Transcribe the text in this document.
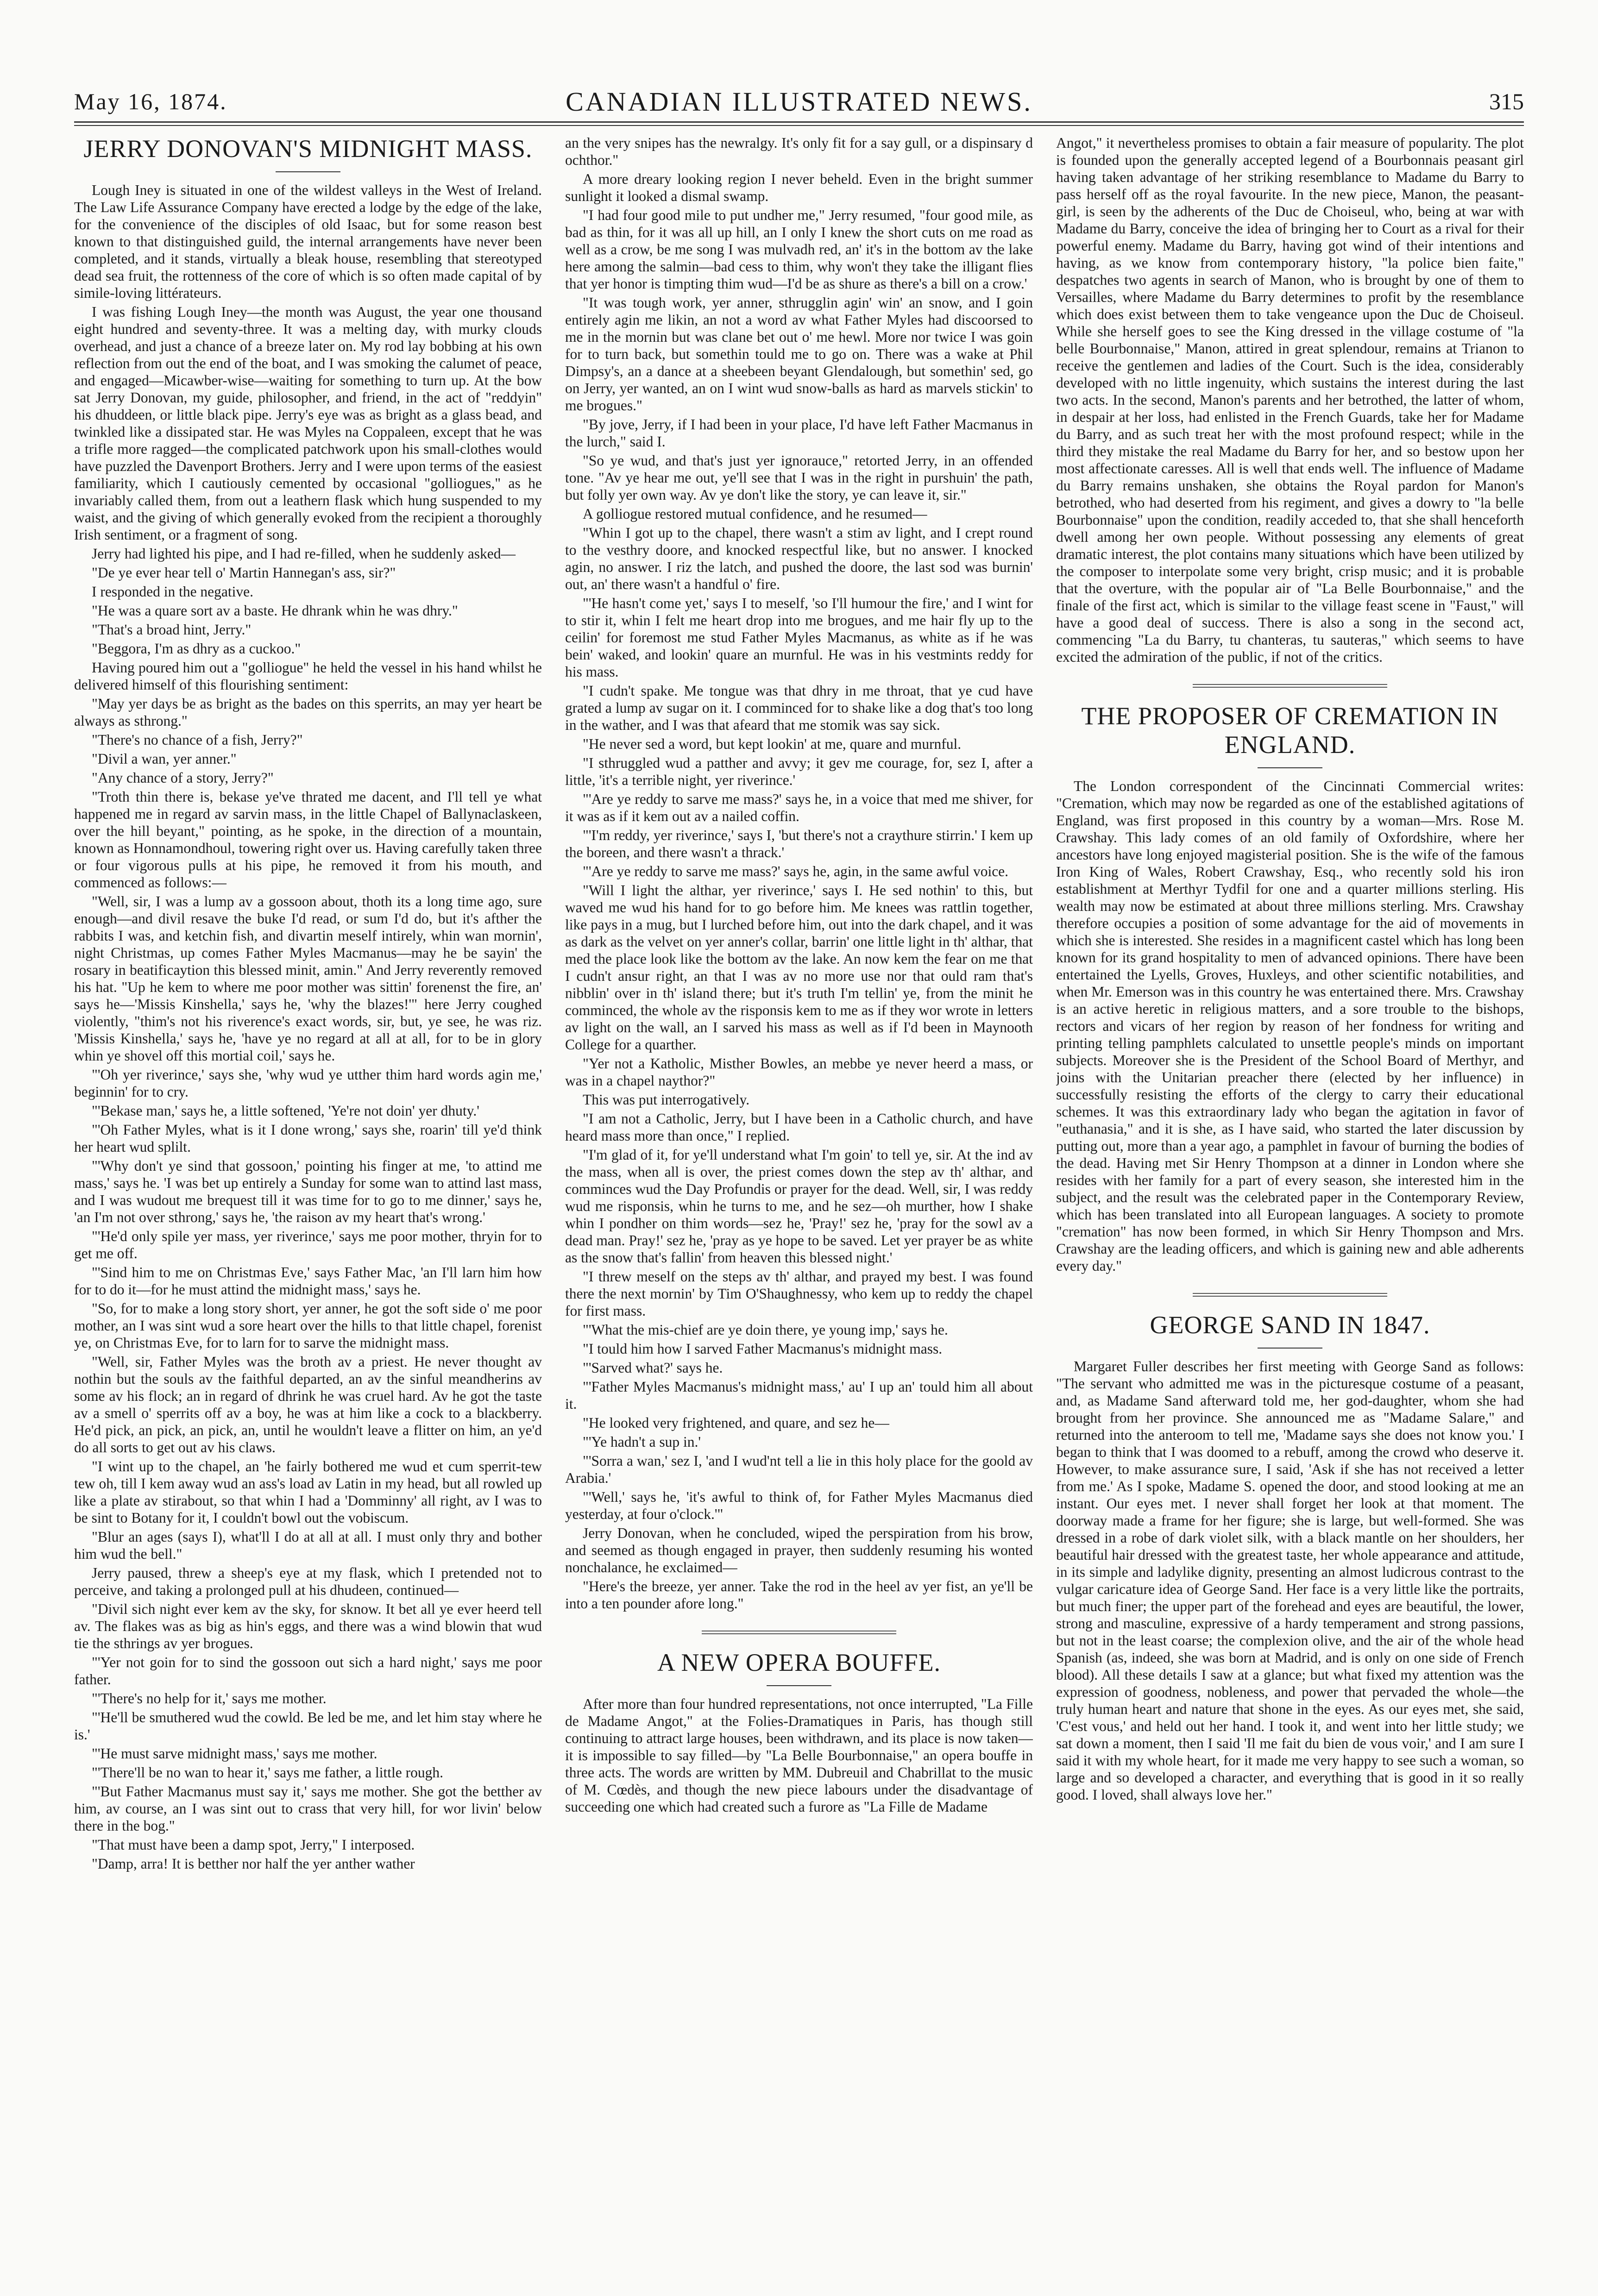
May 16, 1874.	CANADIAN ILLUSTRATED NEWS.	315
JERRY DONOVAN'S MIDNIGHT MASS.

Lough Iney is situated in one of the wildest valleys in the West of Ireland. The Law Life Assurance Company have erected a lodge by the edge of the lake, for the convenience of the disciples of old Isaac, but for some reason best known to that distinguished guild, the internal arrangements have never been completed, and it stands, virtually a bleak house, resembling that stereotyped dead sea fruit, the rottenness of the core of which is so often made capital of by simile-loving littérateurs.

I was fishing Lough Iney—the month was August, the year one thousand eight hundred and seventy-three. It was a melting day, with murky clouds overhead, and just a chance of a breeze later on. My rod lay bobbing at his own reflection from out the end of the boat, and I was smoking the calumet of peace, and engaged—Micawber-wise—waiting for something to turn up. At the bow sat Jerry Donovan, my guide, philosopher, and friend, in the act of "reddyin" his dhuddeen, or little black pipe. Jerry's eye was as bright as a glass bead, and twinkled like a dissipated star. He was Myles na Coppaleen, except that he was a trifle more ragged—the complicated patchwork upon his small-clothes would have puzzled the Davenport Brothers. Jerry and I were upon terms of the easiest familiarity, which I cautiously cemented by occasional "golliogues," as he invariably called them, from out a leathern flask which hung suspended to my waist, and the giving of which generally evoked from the recipient a thoroughly Irish sentiment, or a fragment of song.

Jerry had lighted his pipe, and I had re-filled, when he suddenly asked—

"De ye ever hear tell o' Martin Hannegan's ass, sir?"

I responded in the negative.

"He was a quare sort av a baste. He dhrank whin he was dhry."

"That's a broad hint, Jerry."

"Beggora, I'm as dhry as a cuckoo."

Having poured him out a "golliogue" he held the vessel in his hand whilst he delivered himself of this flourishing sentiment:

"May yer days be as bright as the bades on this sperrits, an may yer heart be always as sthrong."

"There's no chance of a fish, Jerry?"

"Divil a wan, yer anner."

"Any chance of a story, Jerry?"

"Troth thin there is, bekase ye've thrated me dacent, and I'll tell ye what happened me in regard av sarvin mass, in the little Chapel of Ballynaclaskeen, over the hill beyant," pointing, as he spoke, in the direction of a mountain, known as Honnamondhoul, towering right over us. Having carefully taken three or four vigorous pulls at his pipe, he removed it from his mouth, and commenced as follows:—

"Well, sir, I was a lump av a gossoon about, thoth its a long time ago, sure enough—and divil resave the buke I'd read, or sum I'd do, but it's afther the rabbits I was, and ketchin fish, and divartin meself intirely, whin wan mornin', night Christmas, up comes Father Myles Macmanus—may he be sayin' the rosary in beatificaytion this blessed minit, amin." And Jerry reverently removed his hat. "Up he kem to where me poor mother was sittin' forenenst the fire, an' says he—'Missis Kinshella,' says he, 'why the blazes!'" here Jerry coughed violently, "thim's not his riverence's exact words, sir, but, ye see, he was riz. 'Missis Kinshella,' says he, 'have ye no regard at all at all, for to be in glory whin ye shovel off this mortial coil,' says he.

"'Oh yer riverince,' says she, 'why wud ye utther thim hard words agin me,' beginnin' for to cry.

"'Bekase man,' says he, a little softened, 'Ye're not doin' yer dhuty.'

"'Oh Father Myles, what is it I done wrong,' says she, roarin' till ye'd think her heart wud splilt.

"'Why don't ye sind that gossoon,' pointing his finger at me, 'to attind me mass,' says he. 'I was bet up entirely a Sunday for some wan to attind last mass, and I was wudout me brequest till it was time for to go to me dinner,' says he, 'an I'm not over sthrong,' says he, 'the raison av my heart that's wrong.'

"'He'd only spile yer mass, yer riverince,' says me poor mother, thryin for to get me off.

"'Sind him to me on Christmas Eve,' says Father Mac, 'an I'll larn him how for to do it—for he must attind the midnight mass,' says he.

"So, for to make a long story short, yer anner, he got the soft side o' me poor mother, an I was sint wud a sore heart over the hills to that little chapel, forenist ye, on Christmas Eve, for to larn for to sarve the midnight mass.

"Well, sir, Father Myles was the broth av a priest. He never thought av nothin but the souls av the faithful departed, an av the sinful meandherins av some av his flock; an in regard of dhrink he was cruel hard. Av he got the taste av a smell o' sperrits off av a boy, he was at him like a cock to a blackberry. He'd pick, an pick, an pick, an, until he wouldn't leave a flitter on him, an ye'd do all sorts to get out av his claws.

"I wint up to the chapel, an 'he fairly bothered me wud et cum sperrit-tew tew oh, till I kem away wud an ass's load av Latin in my head, but all rowled up like a plate av stirabout, so that whin I had a 'Domminny' all right, av I was to be sint to Botany for it, I couldn't bowl out the vobiscum.

"Blur an ages (says I), what'll I do at all at all. I must only thry and bother him wud the bell."

Jerry paused, threw a sheep's eye at my flask, which I pretended not to perceive, and taking a prolonged pull at his dhudeen, continued—

"Divil sich night ever kem av the sky, for sknow. It bet all ye ever heerd tell av. The flakes was as big as hin's eggs, and there was a wind blowin that wud tie the sthrings av yer brogues.

"'Yer not goin for to sind the gossoon out sich a hard night,' says me poor father.

"'There's no help for it,' says me mother.

"'He'll be smuthered wud the cowld. Be led be me, and let him stay where he is.'

"'He must sarve midnight mass,' says me mother.

"'There'll be no wan to hear it,' says me father, a little rough.

"'But Father Macmanus must say it,' says me mother. She got the betther av him, av course, an I was sint out to crass that very hill, for wor livin' below there in the bog."

"That must have been a damp spot, Jerry," I interposed.

"Damp, arra! It is betther nor half the yer anther wather

an the very snipes has the newralgy. It's only fit for a say gull, or a dispinsary d ochthor."

A more dreary looking region I never beheld. Even in the bright summer sunlight it looked a dismal swamp.

"I had four good mile to put undher me," Jerry resumed, "four good mile, as bad as thin, for it was all up hill, an I only I knew the short cuts on me road as well as a crow, be me song I was mulvadh red, an' it's in the bottom av the lake here among the salmin—bad cess to thim, why won't they take the illigant flies that yer honor is timpting thim wud—I'd be as shure as there's a bill on a crow.'

"It was tough work, yer anner, sthrugglin agin' win' an snow, and I goin entirely agin me likin, an not a word av what Father Myles had discoorsed to me in the mornin but was clane bet out o' me hewl. More nor twice I was goin for to turn back, but somethin tould me to go on. There was a wake at Phil Dimpsy's, an a dance at a sheebeen beyant Glendalough, but somethin' sed, go on Jerry, yer wanted, an on I wint wud snow-balls as hard as marvels stickin' to me brogues."

"By jove, Jerry, if I had been in your place, I'd have left Father Macmanus in the lurch," said I.

"So ye wud, and that's just yer ignorauce," retorted Jerry, in an offended tone. "Av ye hear me out, ye'll see that I was in the right in purshuin' the path, but folly yer own way. Av ye don't like the story, ye can leave it, sir."

A golliogue restored mutual confidence, and he resumed—

"Whin I got up to the chapel, there wasn't a stim av light, and I crept round to the vesthry doore, and knocked respectful like, but no answer. I knocked agin, no answer. I riz the latch, and pushed the doore, the last sod was burnin' out, an' there wasn't a handful o' fire.

"'He hasn't come yet,' says I to meself, 'so I'll humour the fire,' and I wint for to stir it, whin I felt me heart drop into me brogues, and me hair fly up to the ceilin' for foremost me stud Father Myles Macmanus, as white as if he was bein' waked, and lookin' quare an murnful. He was in his vestmints reddy for his mass.

"I cudn't spake. Me tongue was that dhry in me throat, that ye cud have grated a lump av sugar on it. I comminced for to shake like a dog that's too long in the wather, and I was that afeard that me stomik was say sick.

"He never sed a word, but kept lookin' at me, quare and murnful.

"I sthruggled wud a patther and avvy; it gev me courage, for, sez I, after a little, 'it's a terrible night, yer riverince.'

"'Are ye reddy to sarve me mass?' says he, in a voice that med me shiver, for it was as if it kem out av a nailed coffin.

"'I'm reddy, yer riverince,' says I, 'but there's not a craythure stirrin.' I kem up the boreen, and there wasn't a thrack.'

"'Are ye reddy to sarve me mass?' says he, agin, in the same awful voice.

"Will I light the althar, yer riverince,' says I. He sed nothin' to this, but waved me wud his hand for to go before him. Me knees was rattlin together, like pays in a mug, but I lurched before him, out into the dark chapel, and it was as dark as the velvet on yer anner's collar, barrin' one little light in th' althar, that med the place look like the bottom av the lake. An now kem the fear on me that I cudn't ansur right, an that I was av no more use nor that ould ram that's nibblin' over in th' island there; but it's truth I'm tellin' ye, from the minit he comminced, the whole av the risponsis kem to me as if they wor wrote in letters av light on the wall, an I sarved his mass as well as if I'd been in Maynooth College for a quarther.

"Yer not a Katholic, Misther Bowles, an mebbe ye never heerd a mass, or was in a chapel naythor?"

This was put interrogatively.

"I am not a Catholic, Jerry, but I have been in a Catholic church, and have heard mass more than once," I replied.

"I'm glad of it, for ye'll understand what I'm goin' to tell ye, sir. At the ind av the mass, when all is over, the priest comes down the step av th' althar, and comminces wud the Day Profundis or prayer for the dead. Well, sir, I was reddy wud me risponsis, whin he turns to me, and he sez—oh murther, how I shake whin I pondher on thim words—sez he, 'Pray!' sez he, 'pray for the sowl av a dead man. Pray!' sez he, 'pray as ye hope to be saved. Let yer prayer be as white as the snow that's fallin' from heaven this blessed night.'

"I threw meself on the steps av th' althar, and prayed my best. I was found there the next mornin' by Tim O'Shaughnessy, who kem up to reddy the chapel for first mass.

"'What the mis-chief are ye doin there, ye young imp,' says he.

"I tould him how I sarved Father Macmanus's midnight mass.

"'Sarved what?' says he.

"'Father Myles Macmanus's midnight mass,' au' I up an' tould him all about it.

"He looked very frightened, and quare, and sez he—

"'Ye hadn't a sup in.'

"'Sorra a wan,' sez I, 'and I wud'nt tell a lie in this holy place for the goold av Arabia.'

"'Well,' says he, 'it's awful to think of, for Father Myles Macmanus died yesterday, at four o'clock.'"

Jerry Donovan, when he concluded, wiped the perspiration from his brow, and seemed as though engaged in prayer, then suddenly resuming his wonted nonchalance, he exclaimed—

"Here's the breeze, yer anner. Take the rod in the heel av yer fist, an ye'll be into a ten pounder afore long."

A NEW OPERA BOUFFE.

After more than four hundred representations, not once interrupted, "La Fille de Madame Angot," at the Folies-Dramatiques in Paris, has though still continuing to attract large houses, been withdrawn, and its place is now taken—it is impossible to say filled—by "La Belle Bourbonnaise," an opera bouffe in three acts. The words are written by MM. Dubreuil and Chabrillat to the music of M. Cœdès, and though the new piece labours under the disadvantage of succeeding one which had created such a furore as "La Fille de Madame

Angot," it nevertheless promises to obtain a fair measure of popularity. The plot is founded upon the generally accepted legend of a Bourbonnais peasant girl having taken advantage of her striking resemblance to Madame du Barry to pass herself off as the royal favourite. In the new piece, Manon, the peasant-girl, is seen by the adherents of the Duc de Choiseul, who, being at war with Madame du Barry, conceive the idea of bringing her to Court as a rival for their powerful enemy. Madame du Barry, having got wind of their intentions and having, as we know from contemporary history, "la police bien faite," despatches two agents in search of Manon, who is brought by one of them to Versailles, where Madame du Barry determines to profit by the resemblance which does exist between them to take vengeance upon the Duc de Choiseul. While she herself goes to see the King dressed in the village costume of "la belle Bourbonnaise," Manon, attired in great splendour, remains at Trianon to receive the gentlemen and ladies of the Court. Such is the idea, considerably developed with no little ingenuity, which sustains the interest during the last two acts. In the second, Manon's parents and her betrothed, the latter of whom, in despair at her loss, had enlisted in the French Guards, take her for Madame du Barry, and as such treat her with the most profound respect; while in the third they mistake the real Madame du Barry for her, and so bestow upon her most affectionate caresses. All is well that ends well. The influence of Madame du Barry remains unshaken, she obtains the Royal pardon for Manon's betrothed, who had deserted from his regiment, and gives a dowry to "la belle Bourbonnaise" upon the condition, readily acceded to, that she shall henceforth dwell among her own people. Without possessing any elements of great dramatic interest, the plot contains many situations which have been utilized by the composer to interpolate some very bright, crisp music; and it is probable that the overture, with the popular air of "La Belle Bourbonnaise," and the finale of the first act, which is similar to the village feast scene in "Faust," will have a good deal of success. There is also a song in the second act, commencing "La du Barry, tu chanteras, tu sauteras," which seems to have excited the admiration of the public, if not of the critics.

THE PROPOSER OF CREMATION IN ENGLAND.

The London correspondent of the Cincinnati Commercial writes: "Cremation, which may now be regarded as one of the established agitations of England, was first proposed in this country by a woman—Mrs. Rose M. Crawshay. This lady comes of an old family of Oxfordshire, where her ancestors have long enjoyed magisterial position. She is the wife of the famous Iron King of Wales, Robert Crawshay, Esq., who recently sold his iron establishment at Merthyr Tydfil for one and a quarter millions sterling. His wealth may now be estimated at about three millions sterling. Mrs. Crawshay therefore occupies a position of some advantage for the aid of movements in which she is interested. She resides in a magnificent castel which has long been known for its grand hospitality to men of advanced opinions. There have been entertained the Lyells, Groves, Huxleys, and other scientific notabilities, and when Mr. Emerson was in this country he was entertained there. Mrs. Crawshay is an active heretic in religious matters, and a sore trouble to the bishops, rectors and vicars of her region by reason of her fondness for writing and printing telling pamphlets calculated to unsettle people's minds on important subjects. Moreover she is the President of the School Board of Merthyr, and joins with the Unitarian preacher there (elected by her influence) in successfully resisting the efforts of the clergy to carry their educational schemes. It was this extraordinary lady who began the agitation in favor of "euthanasia," and it is she, as I have said, who started the later discussion by putting out, more than a year ago, a pamphlet in favour of burning the bodies of the dead. Having met Sir Henry Thompson at a dinner in London where she resides with her family for a part of every season, she interested him in the subject, and the result was the celebrated paper in the Contemporary Review, which has been translated into all European languages. A society to promote "cremation" has now been formed, in which Sir Henry Thompson and Mrs. Crawshay are the leading officers, and which is gaining new and able adherents every day."

GEORGE SAND IN 1847.

Margaret Fuller describes her first meeting with George Sand as follows: "The servant who admitted me was in the picturesque costume of a peasant, and, as Madame Sand afterward told me, her god-daughter, whom she had brought from her province. She announced me as "Madame Salare," and returned into the anteroom to tell me, 'Madame says she does not know you.' I began to think that I was doomed to a rebuff, among the crowd who deserve it. However, to make assurance sure, I said, 'Ask if she has not received a letter from me.' As I spoke, Madame S. opened the door, and stood looking at me an instant. Our eyes met. I never shall forget her look at that moment. The doorway made a frame for her figure; she is large, but well-formed. She was dressed in a robe of dark violet silk, with a black mantle on her shoulders, her beautiful hair dressed with the greatest taste, her whole appearance and attitude, in its simple and ladylike dignity, presenting an almost ludicrous contrast to the vulgar caricature idea of George Sand. Her face is a very little like the portraits, but much finer; the upper part of the forehead and eyes are beautiful, the lower, strong and masculine, expressive of a hardy temperament and strong passions, but not in the least coarse; the complexion olive, and the air of the whole head Spanish (as, indeed, she was born at Madrid, and is only on one side of French blood). All these details I saw at a glance; but what fixed my attention was the expression of goodness, nobleness, and power that pervaded the whole—the truly human heart and nature that shone in the eyes. As our eyes met, she said, 'C'est vous,' and held out her hand. I took it, and went into her little study; we sat down a moment, then I said 'Il me fait du bien de vous voir,' and I am sure I said it with my whole heart, for it made me very happy to see such a woman, so large and so developed a character, and everything that is good in it so really good. I loved, shall always love her."
